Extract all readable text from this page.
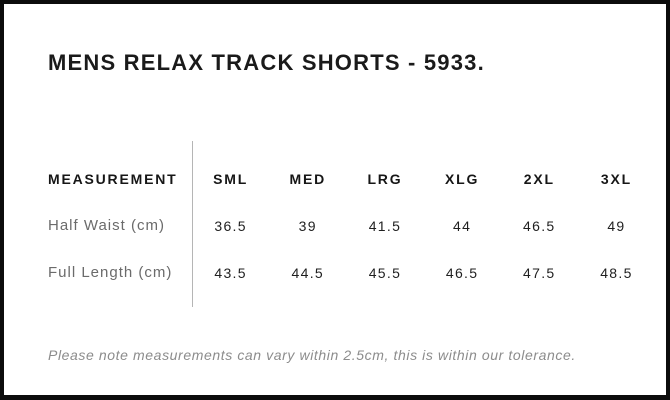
MENS RELAX TRACK SHORTS - 5933.
MEASUREMENT	SML	MED	LRG	XLG	2XL	3XL
Half Waist (cm)	36.5	39	41.5	44	46.5	49
Full Length (cm)	43.5	44.5	45.5	46.5	47.5	48.5

Please note measurements can vary within 2.5cm, this is within our tolerance.
